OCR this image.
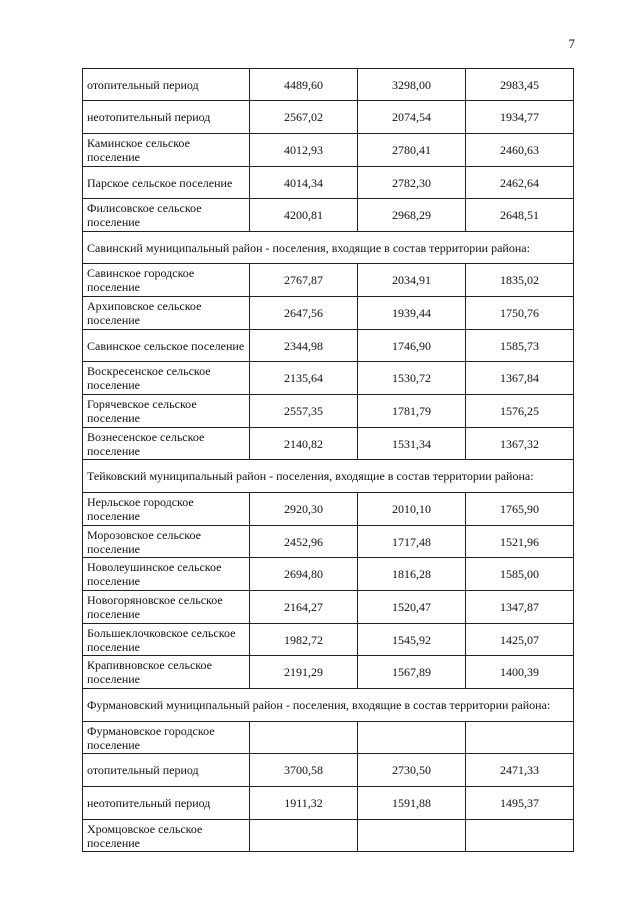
7
отопительный период	4489,60	3298,00	2983,45
неотопительный период	2567,02	2074,54	1934,77
Каминское сельское поселение	4012,93	2780,41	2460,63
Парское сельское поселение	4014,34	2782,30	2462,64
Филисовское сельское поселение	4200,81	2968,29	2648,51
Савинский муниципальный район - поселения, входящие в состав территории района:			
Савинское городское поселение	2767,87	2034,91	1835,02
Архиповское сельское поселение	2647,56	1939,44	1750,76
Савинское сельское поселение	2344,98	1746,90	1585,73
Воскресенское сельское поселение	2135,64	1530,72	1367,84
Горячевское сельское поселение	2557,35	1781,79	1576,25
Вознесенское сельское поселение	2140,82	1531,34	1367,32
Тейковский муниципальный район - поселения, входящие в состав территории района:			
Нерльское городское поселение	2920,30	2010,10	1765,90
Морозовское сельское поселение	2452,96	1717,48	1521,96
Новолеушинское сельское поселение	2694,80	1816,28	1585,00
Новогоряновское сельское поселение	2164,27	1520,47	1347,87
Большеклочковское сельское поселение	1982,72	1545,92	1425,07
Крапивновское сельское поселение	2191,29	1567,89	1400,39
Фурмановский муниципальный район - поселения, входящие в состав территории района:			
Фурмановское городское поселение			
отопительный период	3700,58	2730,50	2471,33
неотопительный период	1911,32	1591,88	1495,37
Хромцовское сельское поселение			
